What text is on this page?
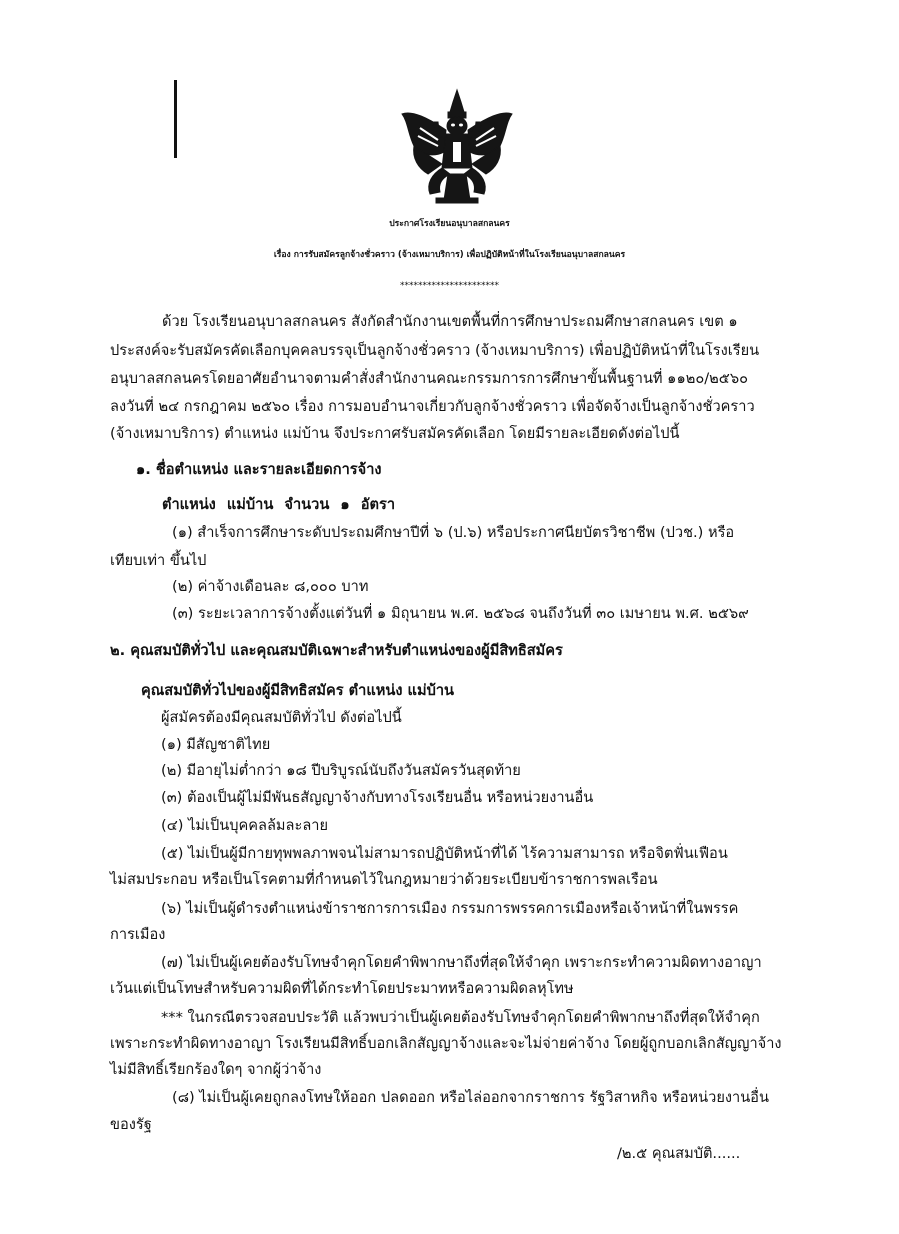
ประกาศโรงเรียนอนุบาลสกลนคร
เรื่อง การรับสมัครลูกจ้างชั่วคราว (จ้างเหมาบริการ) เพื่อปฏิบัติหน้าที่ในโรงเรียนอนุบาลสกลนคร
**********************
ด้วย โรงเรียนอนุบาลสกลนคร สังกัดสำนักงานเขตพื้นที่การศึกษาประถมศึกษาสกลนคร เขต ๑
ประสงค์จะรับสมัครคัดเลือกบุคคลบรรจุเป็นลูกจ้างชั่วคราว (จ้างเหมาบริการ) เพื่อปฏิบัติหน้าที่ในโรงเรียน
อนุบาลสกลนครโดยอาศัยอำนาจตามคำสั่งสำนักงานคณะกรรมการการศึกษาขั้นพื้นฐานที่ ๑๑๒๐/๒๕๖๐
ลงวันที่ ๒๔ กรกฎาคม ๒๕๖๐ เรื่อง การมอบอำนาจเกี่ยวกับลูกจ้างชั่วคราว เพื่อจัดจ้างเป็นลูกจ้างชั่วคราว
(จ้างเหมาบริการ) ตำแหน่ง แม่บ้าน จึงประกาศรับสมัครคัดเลือก โดยมีรายละเอียดดังต่อไปนี้
๑. ชื่อตำแหน่ง และรายละเอียดการจ้าง
ตำแหน่ง แม่บ้าน จำนวน ๑ อัตรา
(๑) สำเร็จการศึกษาระดับประถมศึกษาปีที่ ๖ (ป.๖) หรือประกาศนียบัตรวิชาชีพ (ปวช.) หรือ
เทียบเท่า ขึ้นไป
(๒) ค่าจ้างเดือนละ ๘,๐๐๐ บาท
(๓) ระยะเวลาการจ้างตั้งแต่วันที่ ๑ มิถุนายน พ.ศ. ๒๕๖๘ จนถึงวันที่ ๓๐ เมษายน พ.ศ. ๒๕๖๙
๒. คุณสมบัติทั่วไป และคุณสมบัติเฉพาะสำหรับตำแหน่งของผู้มีสิทธิสมัคร
คุณสมบัติทั่วไปของผู้มีสิทธิสมัคร ตำแหน่ง แม่บ้าน
ผู้สมัครต้องมีคุณสมบัติทั่วไป ดังต่อไปนี้
(๑) มีสัญชาติไทย
(๒) มีอายุไม่ต่ำกว่า ๑๘ ปีบริบูรณ์นับถึงวันสมัครวันสุดท้าย
(๓) ต้องเป็นผู้ไม่มีพันธสัญญาจ้างกับทางโรงเรียนอื่น หรือหน่วยงานอื่น
(๔) ไม่เป็นบุคคลล้มละลาย
(๕) ไม่เป็นผู้มีกายทุพพลภาพจนไม่สามารถปฏิบัติหน้าที่ได้ ไร้ความสามารถ หรือจิตฟั่นเฟือน
ไม่สมประกอบ หรือเป็นโรคตามที่กำหนดไว้ในกฎหมายว่าด้วยระเบียบข้าราชการพลเรือน
(๖) ไม่เป็นผู้ดำรงตำแหน่งข้าราชการการเมือง กรรมการพรรคการเมืองหรือเจ้าหน้าที่ในพรรค
การเมือง
(๗) ไม่เป็นผู้เคยต้องรับโทษจำคุกโดยคำพิพากษาถึงที่สุดให้จำคุก เพราะกระทำความผิดทางอาญา
เว้นแต่เป็นโทษสำหรับความผิดที่ได้กระทำโดยประมาทหรือความผิดลหุโทษ
*** ในกรณีตรวจสอบประวัติ แล้วพบว่าเป็นผู้เคยต้องรับโทษจำคุกโดยคำพิพากษาถึงที่สุดให้จำคุก
เพราะกระทำผิดทางอาญา โรงเรียนมีสิทธิ์บอกเลิกสัญญาจ้างและจะไม่จ่ายค่าจ้าง โดยผู้ถูกบอกเลิกสัญญาจ้าง
ไม่มีสิทธิ์เรียกร้องใดๆ จากผู้ว่าจ้าง
(๘) ไม่เป็นผู้เคยถูกลงโทษให้ออก ปลดออก หรือไล่ออกจากราชการ รัฐวิสาหกิจ หรือหน่วยงานอื่น
ของรัฐ
/๒.๕ คุณสมบัติ......
